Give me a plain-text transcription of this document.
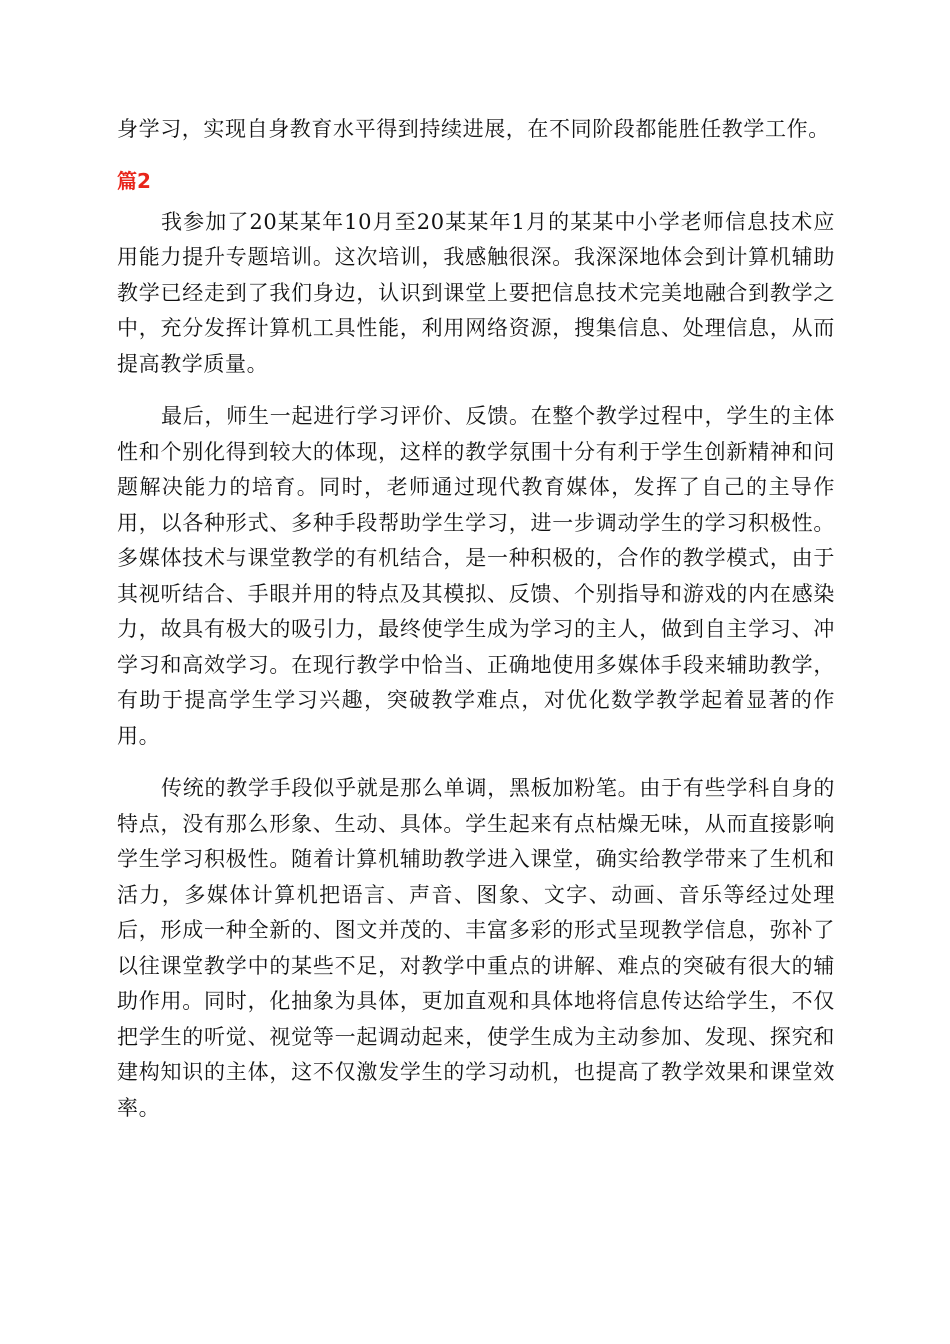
身学习，实现自身教育水平得到持续进展，在不同阶段都能胜任教学工作。

篇2

我参加了20某某年10月至20某某年1月的某某中小学老师信息技术应用能力提升专题培训。这次培训，我感触很深。我深深地体会到计算机辅助教学已经走到了我们身边，认识到课堂上要把信息技术完美地融合到教学之中，充分发挥计算机工具性能，利用网络资源，搜集信息、处理信息，从而提高教学质量。

最后，师生一起进行学习评价、反馈。在整个教学过程中，学生的主体性和个别化得到较大的体现，这样的教学氛围十分有利于学生创新精神和问题解决能力的培育。同时，老师通过现代教育媒体，发挥了自己的主导作用，以各种形式、多种手段帮助学生学习，进一步调动学生的学习积极性。多媒体技术与课堂教学的有机结合，是一种积极的，合作的教学模式，由于其视听结合、手眼并用的特点及其模拟、反馈、个别指导和游戏的内在感染力，故具有极大的吸引力，最终使学生成为学习的主人，做到自主学习、冲学习和高效学习。在现行教学中恰当、正确地使用多媒体手段来辅助教学，有助于提高学生学习兴趣，突破教学难点，对优化数学教学起着显著的作用。

传统的教学手段似乎就是那么单调，黑板加粉笔。由于有些学科自身的特点，没有那么形象、生动、具体。学生起来有点枯燥无味，从而直接影响学生学习积极性。随着计算机辅助教学进入课堂，确实给教学带来了生机和活力，多媒体计算机把语言、声音、图象、文字、动画、音乐等经过处理后，形成一种全新的、图文并茂的、丰富多彩的形式呈现教学信息，弥补了以往课堂教学中的某些不足，对教学中重点的讲解、难点的突破有很大的辅助作用。同时，化抽象为具体，更加直观和具体地将信息传达给学生，不仅把学生的听觉、视觉等一起调动起来，使学生成为主动参加、发现、探究和建构知识的主体，这不仅激发学生的学习动机，也提高了教学效果和课堂效率。
